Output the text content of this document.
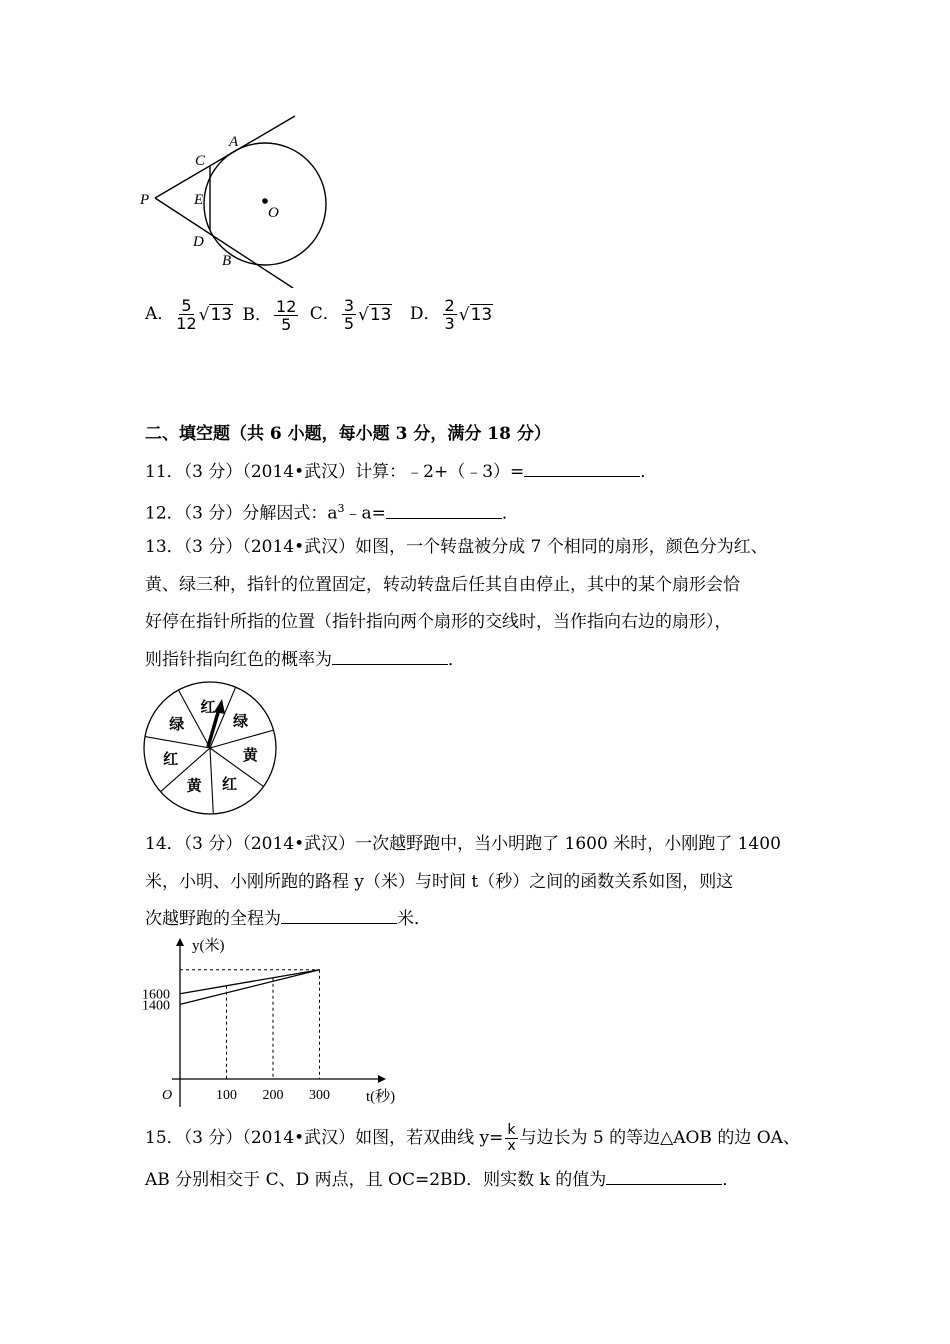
A
C
P	E
O
D
B
A． $\frac{5}{12} √13$ B． $\frac{12}{5}$ C． $\frac{3}{5} √13$ D． $\frac{2}{3} √13$
二、填空题（共 6 小题，每小题 3 分，满分 18 分）
11．（3 分）（2014•武汉）计算：﹣2+（﹣3）=	．
12．（3 分）分解因式：$a^3﹣a=$	．
13．（3 分）（2014•武汉）如图，一个转盘被分成 7 个相同的扇形，颜色分为红、
黄、绿三种，指针的位置固定，转动转盘后任其自由停止，其中的某个扇形会恰
好停在指针所指的位置（指针指向两个扇形的交线时，当作指向右边的扇形），
则指针指向红色的概率为	．
绿
红
绿
黄
红
黄
红
14．（3 分）（2014•武汉）一次越野跑中，当小明跑了 1600 米时，小刚跑了 1400
米，小明、小刚所跑的路程 y（米）与时间 t（秒）之间的函数关系如图，则这
次越野跑的全程为	米．
100 200 300
1600
1400
O
y(米)
t(秒)
15．（3 分）（2014•武汉）如图，若双曲线 $y= \frac{k}{x}$ 与边长为 5 的等边△AOB 的边 OA、
AB 分别相交于 C、D 两点，且 OC=2BD．则实数 k 的值为	．
